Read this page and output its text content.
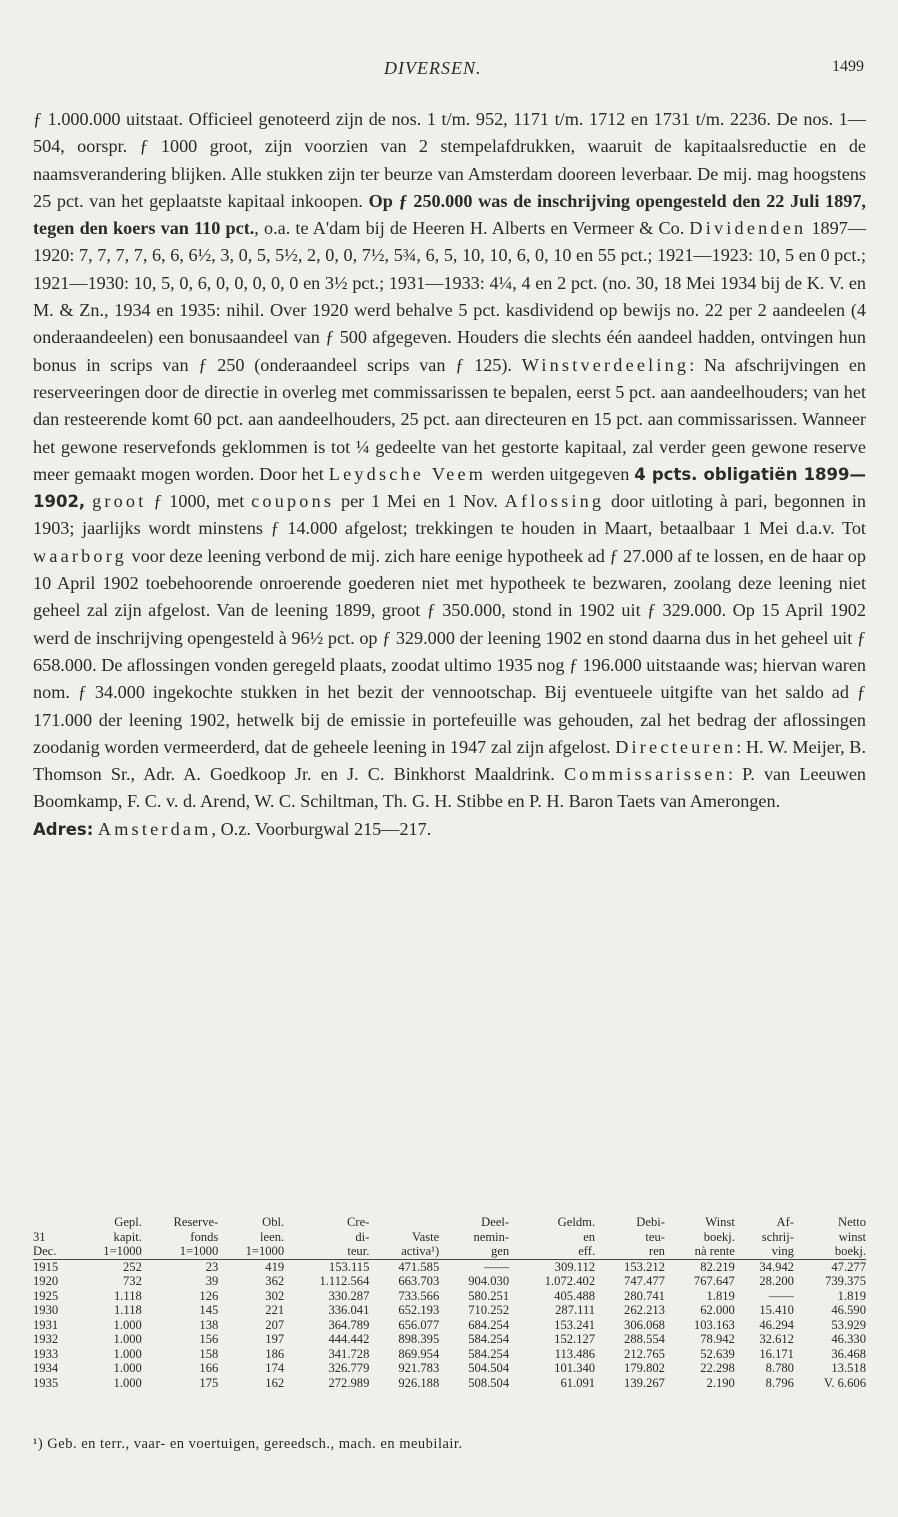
DIVERSEN.	1499

ƒ 1.000.000 uitstaat. Officieel genoteerd zijn de nos. 1 t/m. 952, 1171 t/m. 1712 en 1731 t/m. 2236. De nos. 1—504, oorspr. ƒ 1000 groot, zijn voorzien van 2 stempelafdrukken, waaruit de kapitaalsreductie en de naamsverandering blijken. Alle stukken zijn ter beurze van Amsterdam dooreen leverbaar. De mij. mag hoogstens 25 pct. van het geplaatste kapitaal inkoopen. Op ƒ 250.000 was de inschrijving opengesteld den 22 Juli 1897, tegen den koers van 110 pct., o.a. te A'dam bij de Heeren H. Alberts en Vermeer & Co. Dividenden 1897—1920: 7, 7, 7, 7, 6, 6, 6½, 3, 0, 5, 5½, 2, 0, 0, 7½, 5¾, 6, 5, 10, 10, 6, 0, 10 en 55 pct.; 1921—1923: 10, 5 en 0 pct.; 1921—1930: 10, 5, 0, 6, 0, 0, 0, 0, 0 en 3½ pct.; 1931—1933: 4¼, 4 en 2 pct. (no. 30, 18 Mei 1934 bij de K. V. en M. & Zn., 1934 en 1935: nihil. Over 1920 werd behalve 5 pct. kasdividend op bewijs no. 22 per 2 aandeelen (4 onderaandeelen) een bonusaandeel van ƒ 500 afgegeven. Houders die slechts één aandeel hadden, ontvingen hun bonus in scrips van ƒ 250 (onderaandeel scrips van ƒ 125). Winstverdeeling: Na afschrijvingen en reserveeringen door de directie in overleg met commissarissen te bepalen, eerst 5 pct. aan aandeelhouders; van het dan resteerende komt 60 pct. aan aandeelhouders, 25 pct. aan directeuren en 15 pct. aan commissarissen. Wanneer het gewone reservefonds geklommen is tot ¼ gedeelte van het gestorte kapitaal, zal verder geen gewone reserve meer gemaakt mogen worden. Door het Leydsche Veem werden uitgegeven 4 pcts. obligatiën 1899—1902, groot ƒ 1000, met coupons per 1 Mei en 1 Nov. Aflossing door uitloting à pari, begonnen in 1903; jaarlijks wordt minstens ƒ 14.000 afgelost; trekkingen te houden in Maart, betaalbaar 1 Mei d.a.v. Tot waarborg voor deze leening verbond de mij. zich hare eenige hypotheek ad ƒ 27.000 af te lossen, en de haar op 10 April 1902 toebehoorende onroerende goederen niet met hypotheek te bezwaren, zoolang deze leening niet geheel zal zijn afgelost. Van de leening 1899, groot ƒ 350.000, stond in 1902 uit ƒ 329.000. Op 15 April 1902 werd de inschrijving opengesteld à 96½ pct. op ƒ 329.000 der leening 1902 en stond daarna dus in het geheel uit ƒ 658.000. De aflossingen vonden geregeld plaats, zoodat ultimo 1935 nog ƒ 196.000 uitstaande was; hiervan waren nom. ƒ 34.000 ingekochte stukken in het bezit der vennootschap. Bij eventueele uitgifte van het saldo ad ƒ 171.000 der leening 1902, hetwelk bij de emissie in portefeuille was gehouden, zal het bedrag der aflossingen zoodanig worden vermeerderd, dat de geheele leening in 1947 zal zijn afgelost. Directeuren: H. W. Meijer, B. Thomson Sr., Adr. A. Goedkoop Jr. en J. C. Binkhorst Maaldrink. Commissarissen: P. van Leeuwen Boomkamp, F. C. v. d. Arend, W. C. Schiltman, Th. G. H. Stibbe en P. H. Baron Taets van Amerongen.

Adres: Amsterdam, O.z. Voorburgwal 215—217.

	Gepl.	Reserve-	Obl.	Cre-		Deel-	Geldm.	Debi-	Winst	Af-	Netto
31	kapit.	fonds	leen.	di-	Vaste	nemin-	en	teu-	boekj.	schrij-	winst
Dec.	1=1000	1=1000	1=1000	teur.	activa¹)	gen	eff.	ren	nà rente	ving	boekj.
1915	252	23	419	153.115	471.585	——	309.112	153.212	82.219	34.942	47.277
1920	732	39	362	1.112.564	663.703	904.030	1.072.402	747.477	767.647	28.200	739.375
1925	1.118	126	302	330.287	733.566	580.251	405.488	280.741	1.819	——	1.819
1930	1.118	145	221	336.041	652.193	710.252	287.111	262.213	62.000	15.410	46.590
1931	1.000	138	207	364.789	656.077	684.254	153.241	306.068	103.163	46.294	53.929
1932	1.000	156	197	444.442	898.395	584.254	152.127	288.554	78.942	32.612	46.330
1933	1.000	158	186	341.728	869.954	584.254	113.486	212.765	52.639	16.171	36.468
1934	1.000	166	174	326.779	921.783	504.504	101.340	179.802	22.298	8.780	13.518
1935	1.000	175	162	272.989	926.188	508.504	61.091	139.267	2.190	8.796	V. 6.606
¹) Geb. en terr., vaar- en voertuigen, gereedsch., mach. en meubilair.
